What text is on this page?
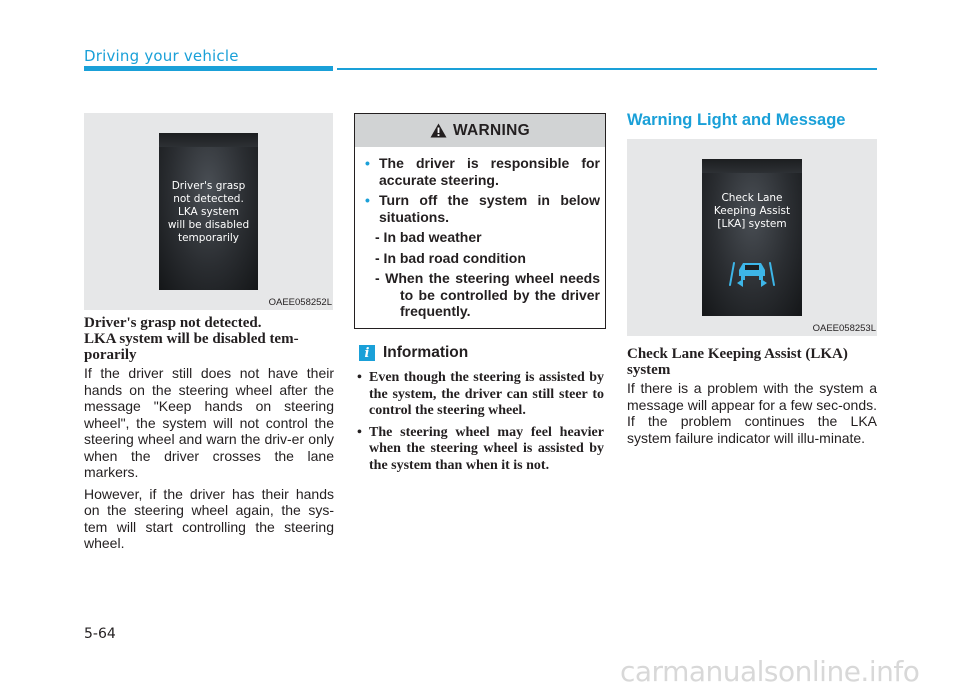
Driving your vehicle
Driver's grasp
not detected.
LKA system
will be disabled
temporarily
OAEE058252L
Driver's grasp not detected.
LKA system will be disabled tem-
porarily

If the driver still does not have their hands on the steering wheel after the message "Keep hands on steering wheel", the system will not control the steering wheel and warn the driv-er only when the driver crosses the lane markers.

However, if the driver has their hands on the steering wheel again, the sys-tem will start controlling the steering wheel.

WARNING
• The driver is responsible for accurate steering.
• Turn off the system in below situations.
- In bad weather
- In bad road condition
- When the steering wheel needs to be controlled by the driver frequently.
i Information
• Even though the steering is assisted by the system, the driver can still steer to control the steering wheel.
• The steering wheel may feel heavier when the steering wheel is assisted by the system than when it is not.
Warning Light and Message
Check Lane
Keeping Assist
[LKA] system
OAEE058253L
Check Lane Keeping Assist (LKA)
system

If there is a problem with the system a message will appear for a few sec-onds. If the problem continues the LKA system failure indicator will illu-minate.

5-64
carmanualsonline.info
